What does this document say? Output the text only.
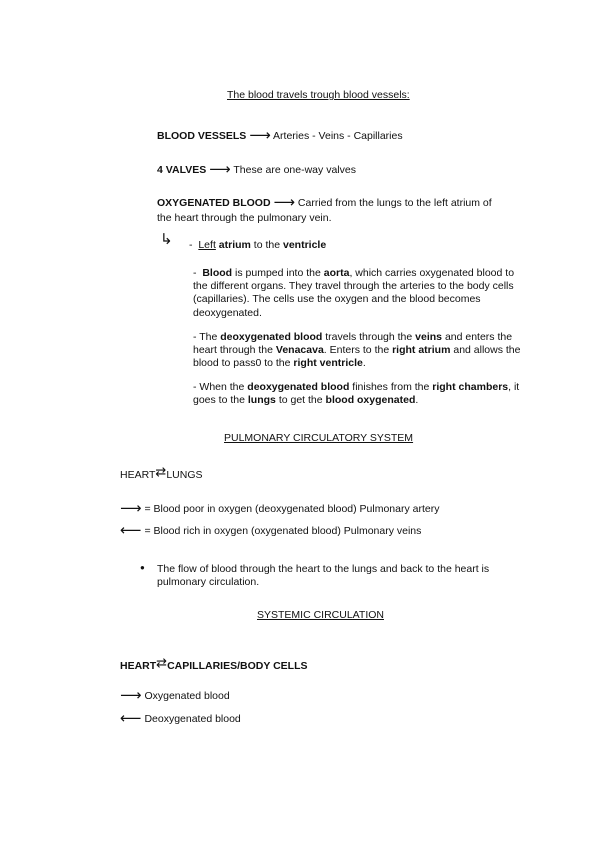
The blood travels trough blood vessels:
BLOOD VESSELS ⟶ Arteries - Veins - Capillaries
4 VALVES ⟶ These are one-way valves
OXYGENATED BLOOD ⟶ Carried from the lungs to the left atrium of
the heart through the pulmonary vein.
↳ - Left atrium to the ventricle
- Blood is pumped into the aorta, which carries oxygenated blood to the different organs. They travel through the arteries to the body cells (capillaries). The cells use the oxygen and the blood becomes deoxygenated.
- The deoxygenated blood travels through the veins and enters the heart through the Venacava. Enters to the right atrium and allows the blood to pass0 to the right ventricle.
- When the deoxygenated blood finishes from the right chambers, it goes to the lungs to get the blood oxygenated.
PULMONARY CIRCULATORY SYSTEM
HEART⇄LUNGS
⟶ = Blood poor in oxygen (deoxygenated blood) Pulmonary artery
⟵ = Blood rich in oxygen (oxygenated blood) Pulmonary veins
● The flow of blood through the heart to the lungs and back to the heart is pulmonary circulation.
SYSTEMIC CIRCULATION
HEART⇄CAPILLARIES/BODY CELLS
⟶ Oxygenated blood
⟵ Deoxygenated blood
